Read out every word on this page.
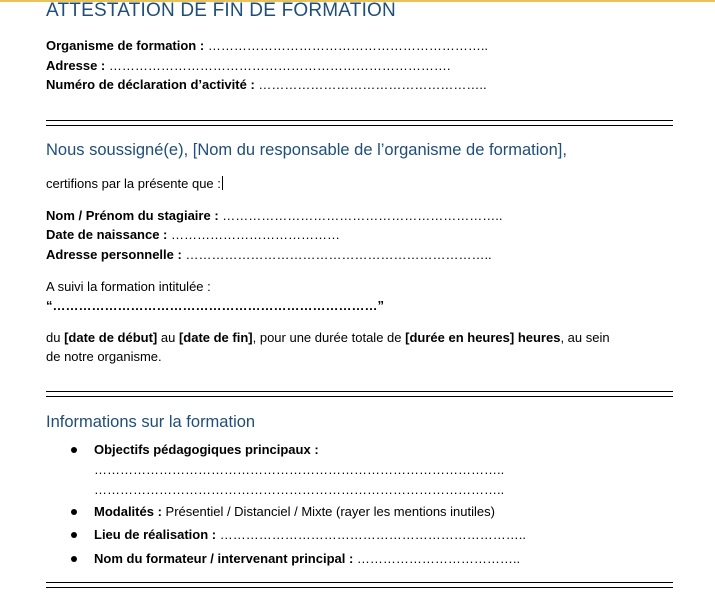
ATTESTATION DE FIN DE FORMATION
Organisme de formation : ………………………………………………………..
Adresse : …………………………………………………………………….
Numéro de déclaration d’activité : ……………………………………………..
Nous soussigné(e), [Nom du responsable de l’organisme de formation],
certifions par la présente que :
Nom / Prénom du stagiaire : ………………………………………………………..
Date de naissance : …………………………………
Adresse personnelle : ……………………………………………………………..
A suivi la formation intitulée :
“…………………………………………………………………”
du [date de début] au [date de fin], pour une durée totale de [durée en heures] heures, au sein
de notre organisme.
Informations sur la formation
Objectifs pédagogiques principaux :
…………………………………………………………………………………..
…………………………………………………………………………………..
Modalités : Présentiel / Distanciel / Mixte (rayer les mentions inutiles)
Lieu de réalisation : ……………………………………………………………..
Nom du formateur / intervenant principal : ………………………………..
